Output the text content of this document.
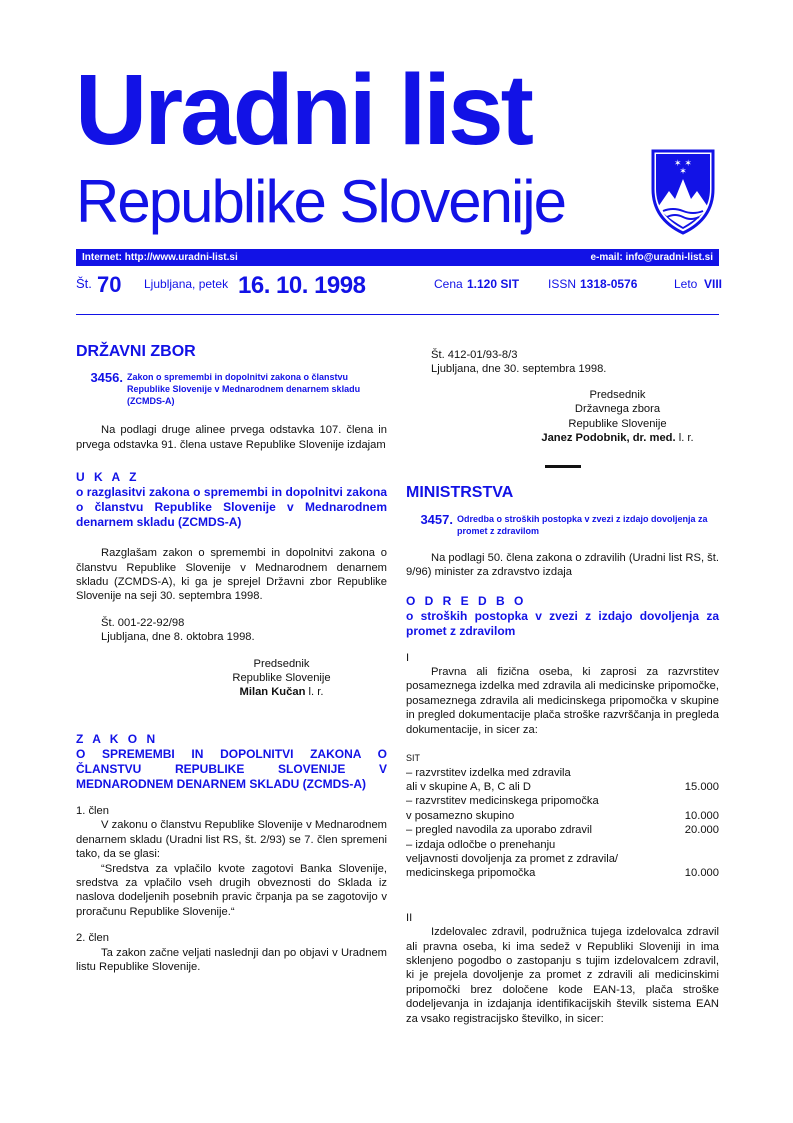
Uradni list
Republike Slovenije
✶ ✶
✶
Internet: http://www.uradni-list.si	e-mail: info@uradni-list.si
Št. 70 Ljubljana, petek 16. 10. 1998	Cena 1.120 SIT ISSN 1318-0576	Leto VIII

DRŽAVNI ZBOR

3456. Zakon o spremembi in dopolnitvi zakona o članstvu Republike Slovenije v Mednarodnem denarnem skladu (ZCMDS-A)

Na podlagi druge alinee prvega odstavka 107. člena in prvega odstavka 91. člena ustave Republike Slovenije izdajam

U K A Z

o razglasitvi zakona o spremembi in dopolnitvi zakona o članstvu Republike Slovenije v Mednarodnem denarnem skladu (ZCMDS-A)

Razglašam zakon o spremembi in dopolnitvi zakona o članstvu Republike Slovenije v Mednarodnem denarnem skladu (ZCMDS-A), ki ga je sprejel Državni zbor Republike Slovenije na seji 30. septembra 1998.

Št. 001-22-92/98

Ljubljana, dne 8. oktobra 1998.

Predsednik
Republike Slovenije
Milan Kučan l. r.

Z A K O N

O SPREMEMBI IN DOPOLNITVI ZAKONA O ČLANSTVU REPUBLIKE SLOVENIJE V MEDNARODNEM DENARNEM SKLADU (ZCMDS-A)

1. člen

V zakonu o članstvu Republike Slovenije v Mednarodnem denarnem skladu (Uradni list RS, št. 2/93) se 7. člen spremeni tako, da se glasi:

“Sredstva za vplačilo kvote zagotovi Banka Slovenije, sredstva za vplačilo vseh drugih obveznosti do Sklada iz naslova dodeljenih posebnih pravic črpanja pa se zagotovijo v proračunu Republike Slovenije.“

2. člen

Ta zakon začne veljati naslednji dan po objavi v Uradnem listu Republike Slovenije.

Št. 412-01/93-8/3

Ljubljana, dne 30. septembra 1998.

Predsednik
Državnega zbora
Republike Slovenije
Janez Podobnik, dr. med. l. r.

MINISTRSTVA

3457. Odredba o stroških postopka v zvezi z izdajo dovoljenja za promet z zdravilom

Na podlagi 50. člena zakona o zdravilih (Uradni list RS, št. 9/96) minister za zdravstvo izdaja

O D R E D B O

o stroških postopka v zvezi z izdajo dovoljenja za promet z zdravilom

I

Pravna ali fizična oseba, ki zaprosi za razvrstitev posameznega izdelka med zdravila ali medicinske pripomočke, posameznega zdravila ali medicinskega pripomočka v skupine in pregled dokumentacije plača stroške razvrščanja in pregleda dokumentacije, in sicer za:

SIT

– razvrstitev izdelka med zdravila	
ali v skupine A, B, C ali D	15.000
– razvrstitev medicinskega pripomočka	
v posamezno skupino	10.000
– pregled navodila za uporabo zdravil	20.000
– izdaja odločbe o prenehanju	
veljavnosti dovoljenja za promet z zdravila/	
medicinskega pripomočka	10.000

II

Izdelovalec zdravil, podružnica tujega izdelovalca zdravil ali pravna oseba, ki ima sedež v Republiki Sloveniji in ima sklenjeno pogodbo o zastopanju s tujim izdelovalcem zdravil, ki je prejela dovoljenje za promet z zdravili ali medicinskimi pripomočki brez določene kode EAN-13, plača stroške dodeljevanja in izdajanja identifikacijskih številk sistema EAN za vsako registracijsko številko, in sicer:
